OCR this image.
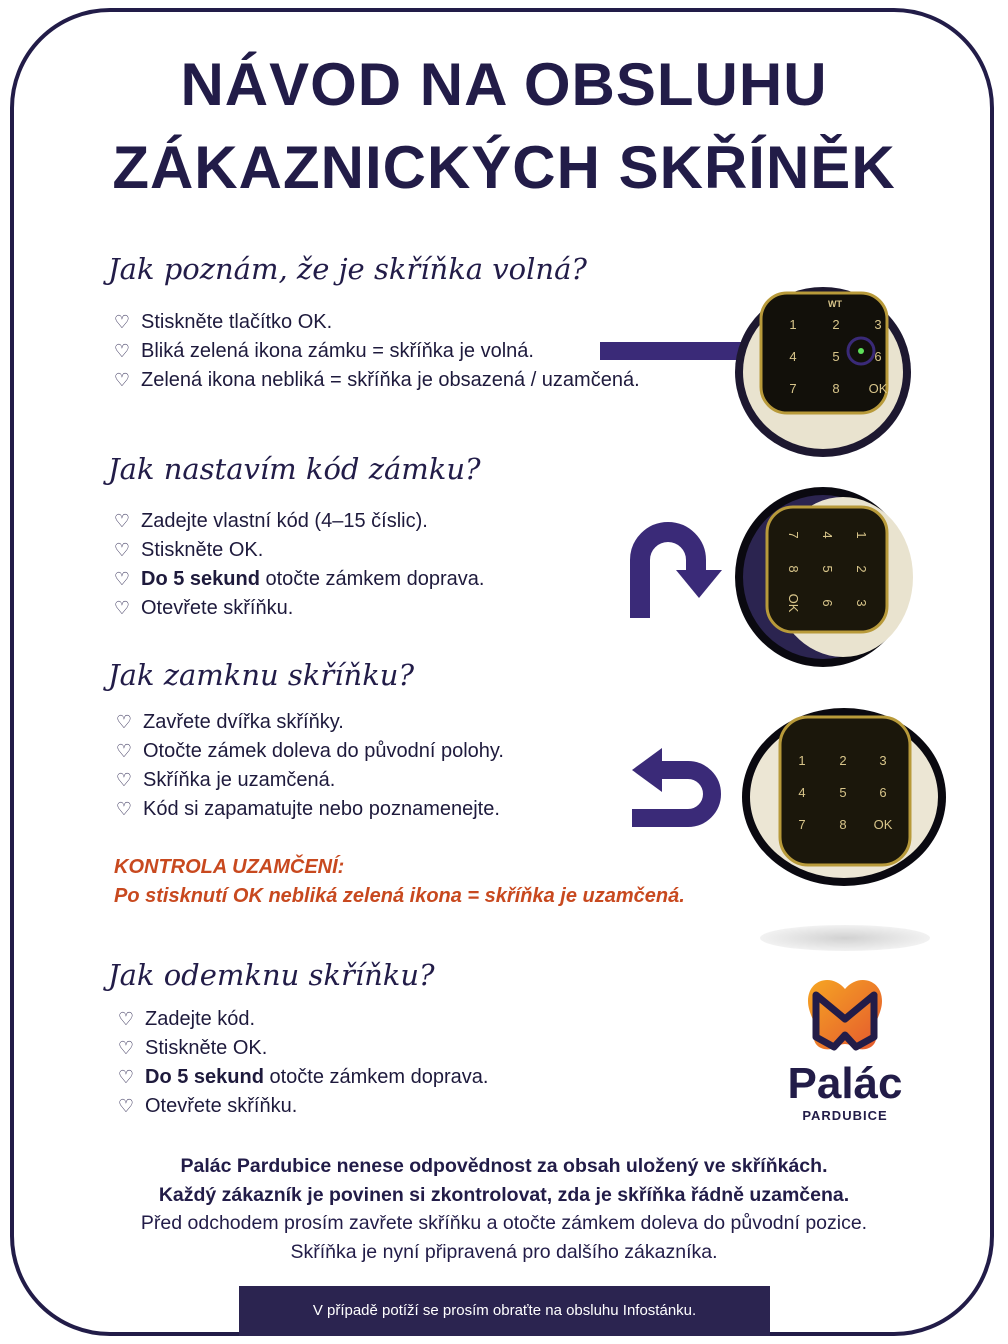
NÁVOD NA OBSLUHU
ZÁKAZNICKÝCH SKŘÍNĚK
Jak poznám, že je skříňka volná?
♡ Stiskněte tlačítko OK.
♡ Bliká zelená ikona zámku = skříňka je volná.
♡ Zelená ikona nebliká = skříňka je obsazená / uzamčená.
Jak nastavím kód zámku?
♡ Zadejte vlastní kód (4–15 číslic).
♡ Stiskněte OK.
♡ Do 5 sekund otočte zámkem doprava.
♡ Otevřete skříňku.
Jak zamknu skříňku?
♡ Zavřete dvířka skříňky.
♡ Otočte zámek doleva do původní polohy.
♡ Skříňka je uzamčená.
♡ Kód si zapamatujte nebo poznamenejte.
KONTROLA UZAMČENÍ:
Po stisknutí OK nebliká zelená ikona = skříňka je uzamčená.
Jak odemknu skříňku?
♡ Zadejte kód.
♡ Stiskněte OK.
♡ Do 5 sekund otočte zámkem doprava.
♡ Otevřete skříňku.
WT
1	2	3
4	5	6
7	8 OK
1
2
3
4
5
6
7
8
OK
1	2	3
4	5	6
7	8 OK
Palác
PARDUBICE
Palác Pardubice nenese odpovědnost za obsah uložený ve skříňkách.
Každý zákazník je povinen si zkontrolovat, zda je skříňka řádně uzamčena.
Před odchodem prosím zavřete skříňku a otočte zámkem doleva do původní pozice.
Skříňka je nyní připravená pro dalšího zákazníka.
V případě potíží se prosím obraťte na obsluhu Infostánku.
